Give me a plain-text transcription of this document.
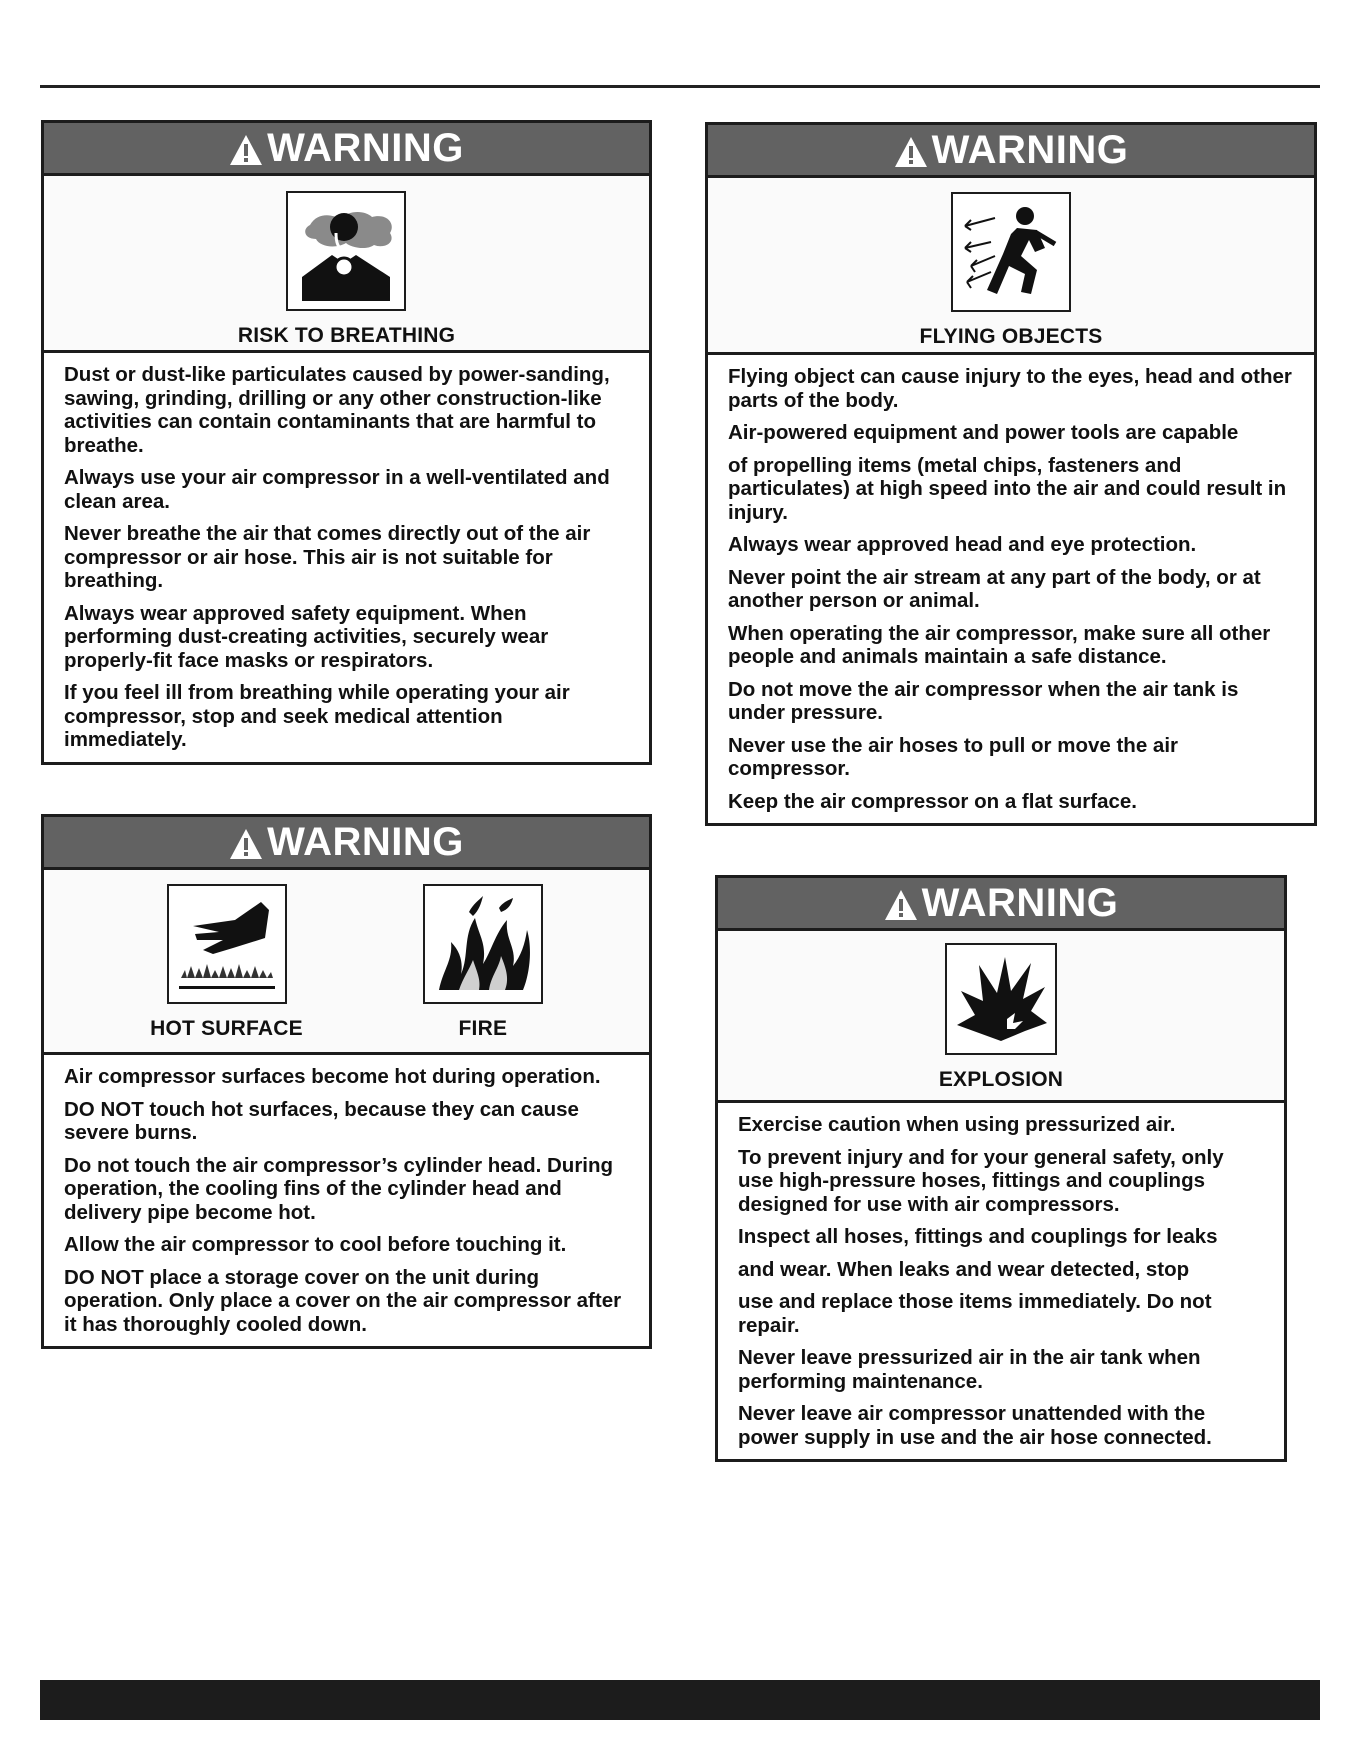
WARNING
RISK TO BREATHING

Dust or dust-like particulates caused by power-sanding, sawing, grinding, drilling or any other construction-like activities can contain contaminants that are harmful to breathe.

Always use your air compressor in a well-ventilated and clean area.

Never breathe the air that comes directly out of the air compressor or air hose. This air is not suitable for breathing.

Always wear approved safety equipment. When performing dust-creating activities, securely wear properly-fit face masks or respirators.

If you feel ill from breathing while operating your air compressor, stop and seek medical attention immediately.

WARNING
FLYING OBJECTS

Flying object can cause injury to the eyes, head and other parts of the body.

Air-powered equipment and power tools are capable

of propelling items (metal chips, fasteners and particulates) at high speed into the air and could result in injury.

Always wear approved head and eye protection.

Never point the air stream at any part of the body, or at another person or animal.

When operating the air compressor, make sure all other people and animals maintain a safe distance.

Do not move the air compressor when the air tank is under pressure.

Never use the air hoses to pull or move the air compressor.

Keep the air compressor on a flat surface.

WARNING
HOT SURFACE	FIRE

Air compressor surfaces become hot during operation.

DO NOT touch hot surfaces, because they can cause severe burns.

Do not touch the air compressor’s cylinder head. During operation, the cooling fins of the cylinder head and delivery pipe become hot.

Allow the air compressor to cool before touching it.

DO NOT place a storage cover on the unit during operation. Only place a cover on the air compressor after it has thoroughly cooled down.

WARNING
EXPLOSION

Exercise caution when using pressurized air.

To prevent injury and for your general safety, only use high-pressure hoses, fittings and couplings designed for use with air compressors.

Inspect all hoses, fittings and couplings for leaks

and wear. When leaks and wear detected, stop

use and replace those items immediately. Do not repair.

Never leave pressurized air in the air tank when performing maintenance.

Never leave air compressor unattended with the power supply in use and the air hose connected.
